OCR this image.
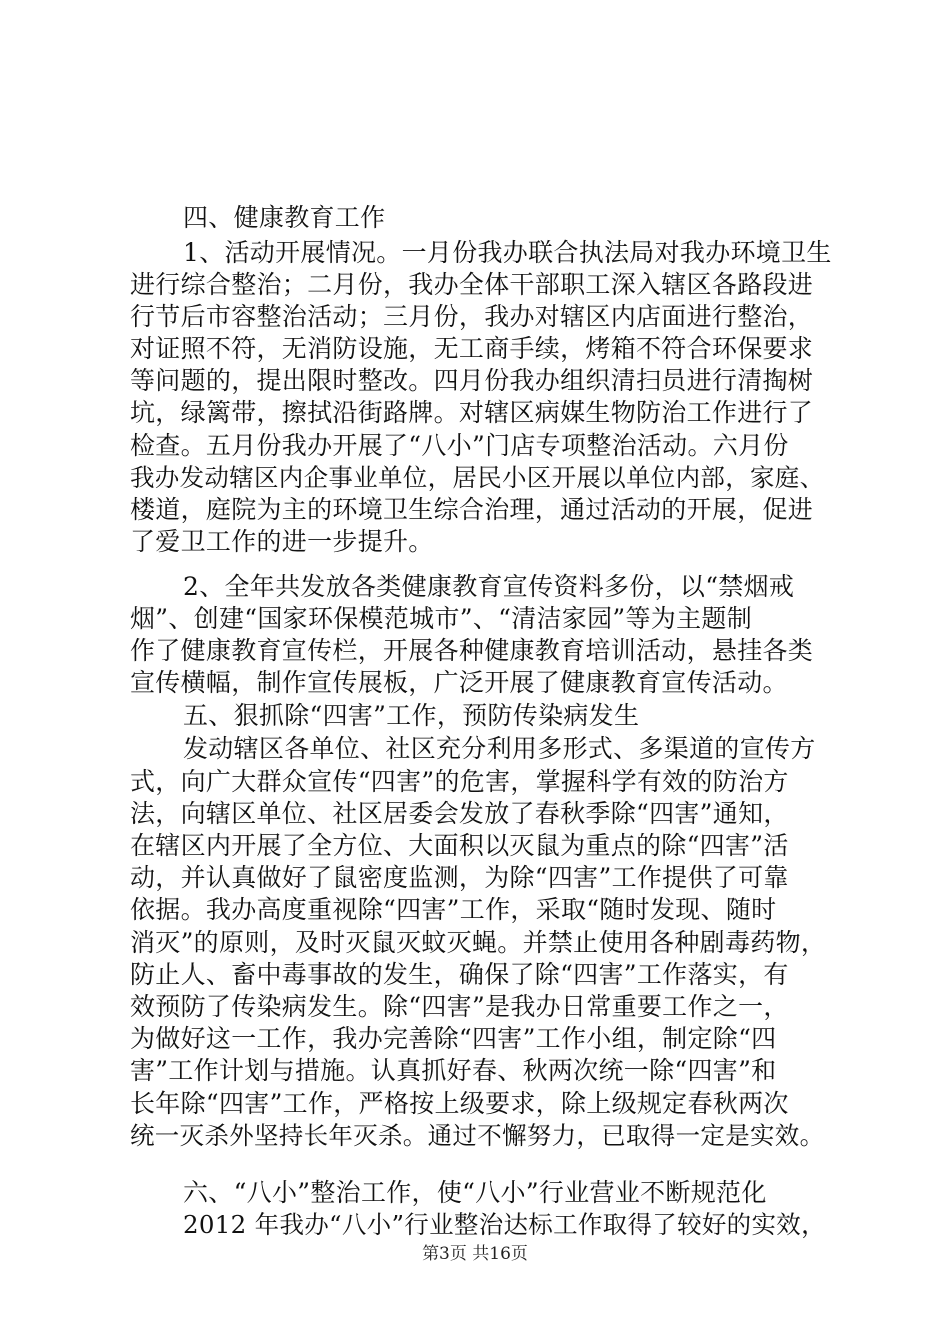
四、健康教育工作
1、活动开展情况。一月份我办联合执法局对我办环境卫生
进行综合整治；二月份，我办全体干部职工深入辖区各路段进
行节后市容整治活动；三月份，我办对辖区内店面进行整治，
对证照不符，无消防设施，无工商手续，烤箱不符合环保要求
等问题的，提出限时整改。四月份我办组织清扫员进行清掏树
坑，绿篱带，擦拭沿街路牌。对辖区病媒生物防治工作进行了
检查。五月份我办开展了“八小”门店专项整治活动。六月份
我办发动辖区内企事业单位，居民小区开展以单位内部，家庭、
楼道，庭院为主的环境卫生综合治理，通过活动的开展，促进
了爱卫工作的进一步提升。
2、全年共发放各类健康教育宣传资料多份，以“禁烟戒
烟”、创建“国家环保模范城市”、“清洁家园”等为主题制
作了健康教育宣传栏，开展各种健康教育培训活动，悬挂各类
宣传横幅，制作宣传展板，广泛开展了健康教育宣传活动。
五、狠抓除“四害”工作，预防传染病发生
发动辖区各单位、社区充分利用多形式、多渠道的宣传方
式，向广大群众宣传“四害”的危害，掌握科学有效的防治方
法，向辖区单位、社区居委会发放了春秋季除“四害”通知，
在辖区内开展了全方位、大面积以灭鼠为重点的除“四害”活
动，并认真做好了鼠密度监测，为除“四害”工作提供了可靠
依据。我办高度重视除“四害”工作，采取“随时发现、随时
消灭”的原则，及时灭鼠灭蚊灭蝇。并禁止使用各种剧毒药物，
防止人、畜中毒事故的发生，确保了除“四害”工作落实，有
效预防了传染病发生。除“四害”是我办日常重要工作之一，
为做好这一工作，我办完善除“四害”工作小组，制定除“四
害”工作计划与措施。认真抓好春、秋两次统一除“四害”和
长年除“四害”工作，严格按上级要求，除上级规定春秋两次
统一灭杀外坚持长年灭杀。通过不懈努力，已取得一定是实效。
六、“八小”整治工作，使“八小”行业营业不断规范化
2012 年我办“八小”行业整治达标工作取得了较好的实效，
第3页 共16页
